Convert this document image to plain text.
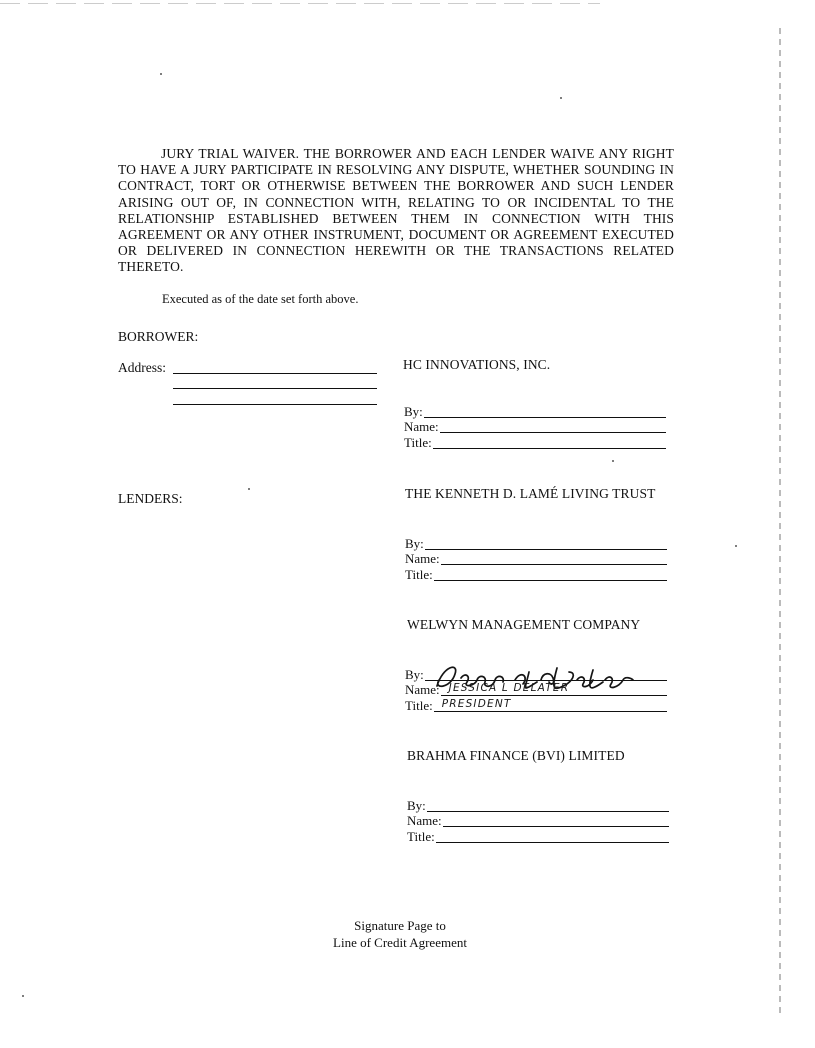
JURY TRIAL WAIVER. THE BORROWER AND EACH LENDER WAIVE ANY RIGHT TO HAVE A JURY PARTICIPATE IN RESOLVING ANY DISPUTE, WHETHER SOUNDING IN CONTRACT, TORT OR OTHERWISE BETWEEN THE BORROWER AND SUCH LENDER ARISING OUT OF, IN CONNECTION WITH, RELATING TO OR INCIDENTAL TO THE RELATIONSHIP ESTABLISHED BETWEEN THEM IN CONNECTION WITH THIS AGREEMENT OR ANY OTHER INSTRUMENT, DOCUMENT OR AGREEMENT EXECUTED OR DELIVERED IN CONNECTION HEREWITH OR THE TRANSACTIONS RELATED THERETO.

Executed as of the date set forth above.
BORROWER:
Address:	HC INNOVATIONS, INC.
By:
Name:
Title:
LENDERS:	THE KENNETH D. LAMÉ LIVING TRUST
By:
Name:
Title:
WELWYN MANAGEMENT COMPANY
By:
Name: JESSICA L DELATER
Title: PRESIDENT
BRAHMA FINANCE (BVI) LIMITED
By:
Name:
Title:
Signature Page to
Line of Credit Agreement
